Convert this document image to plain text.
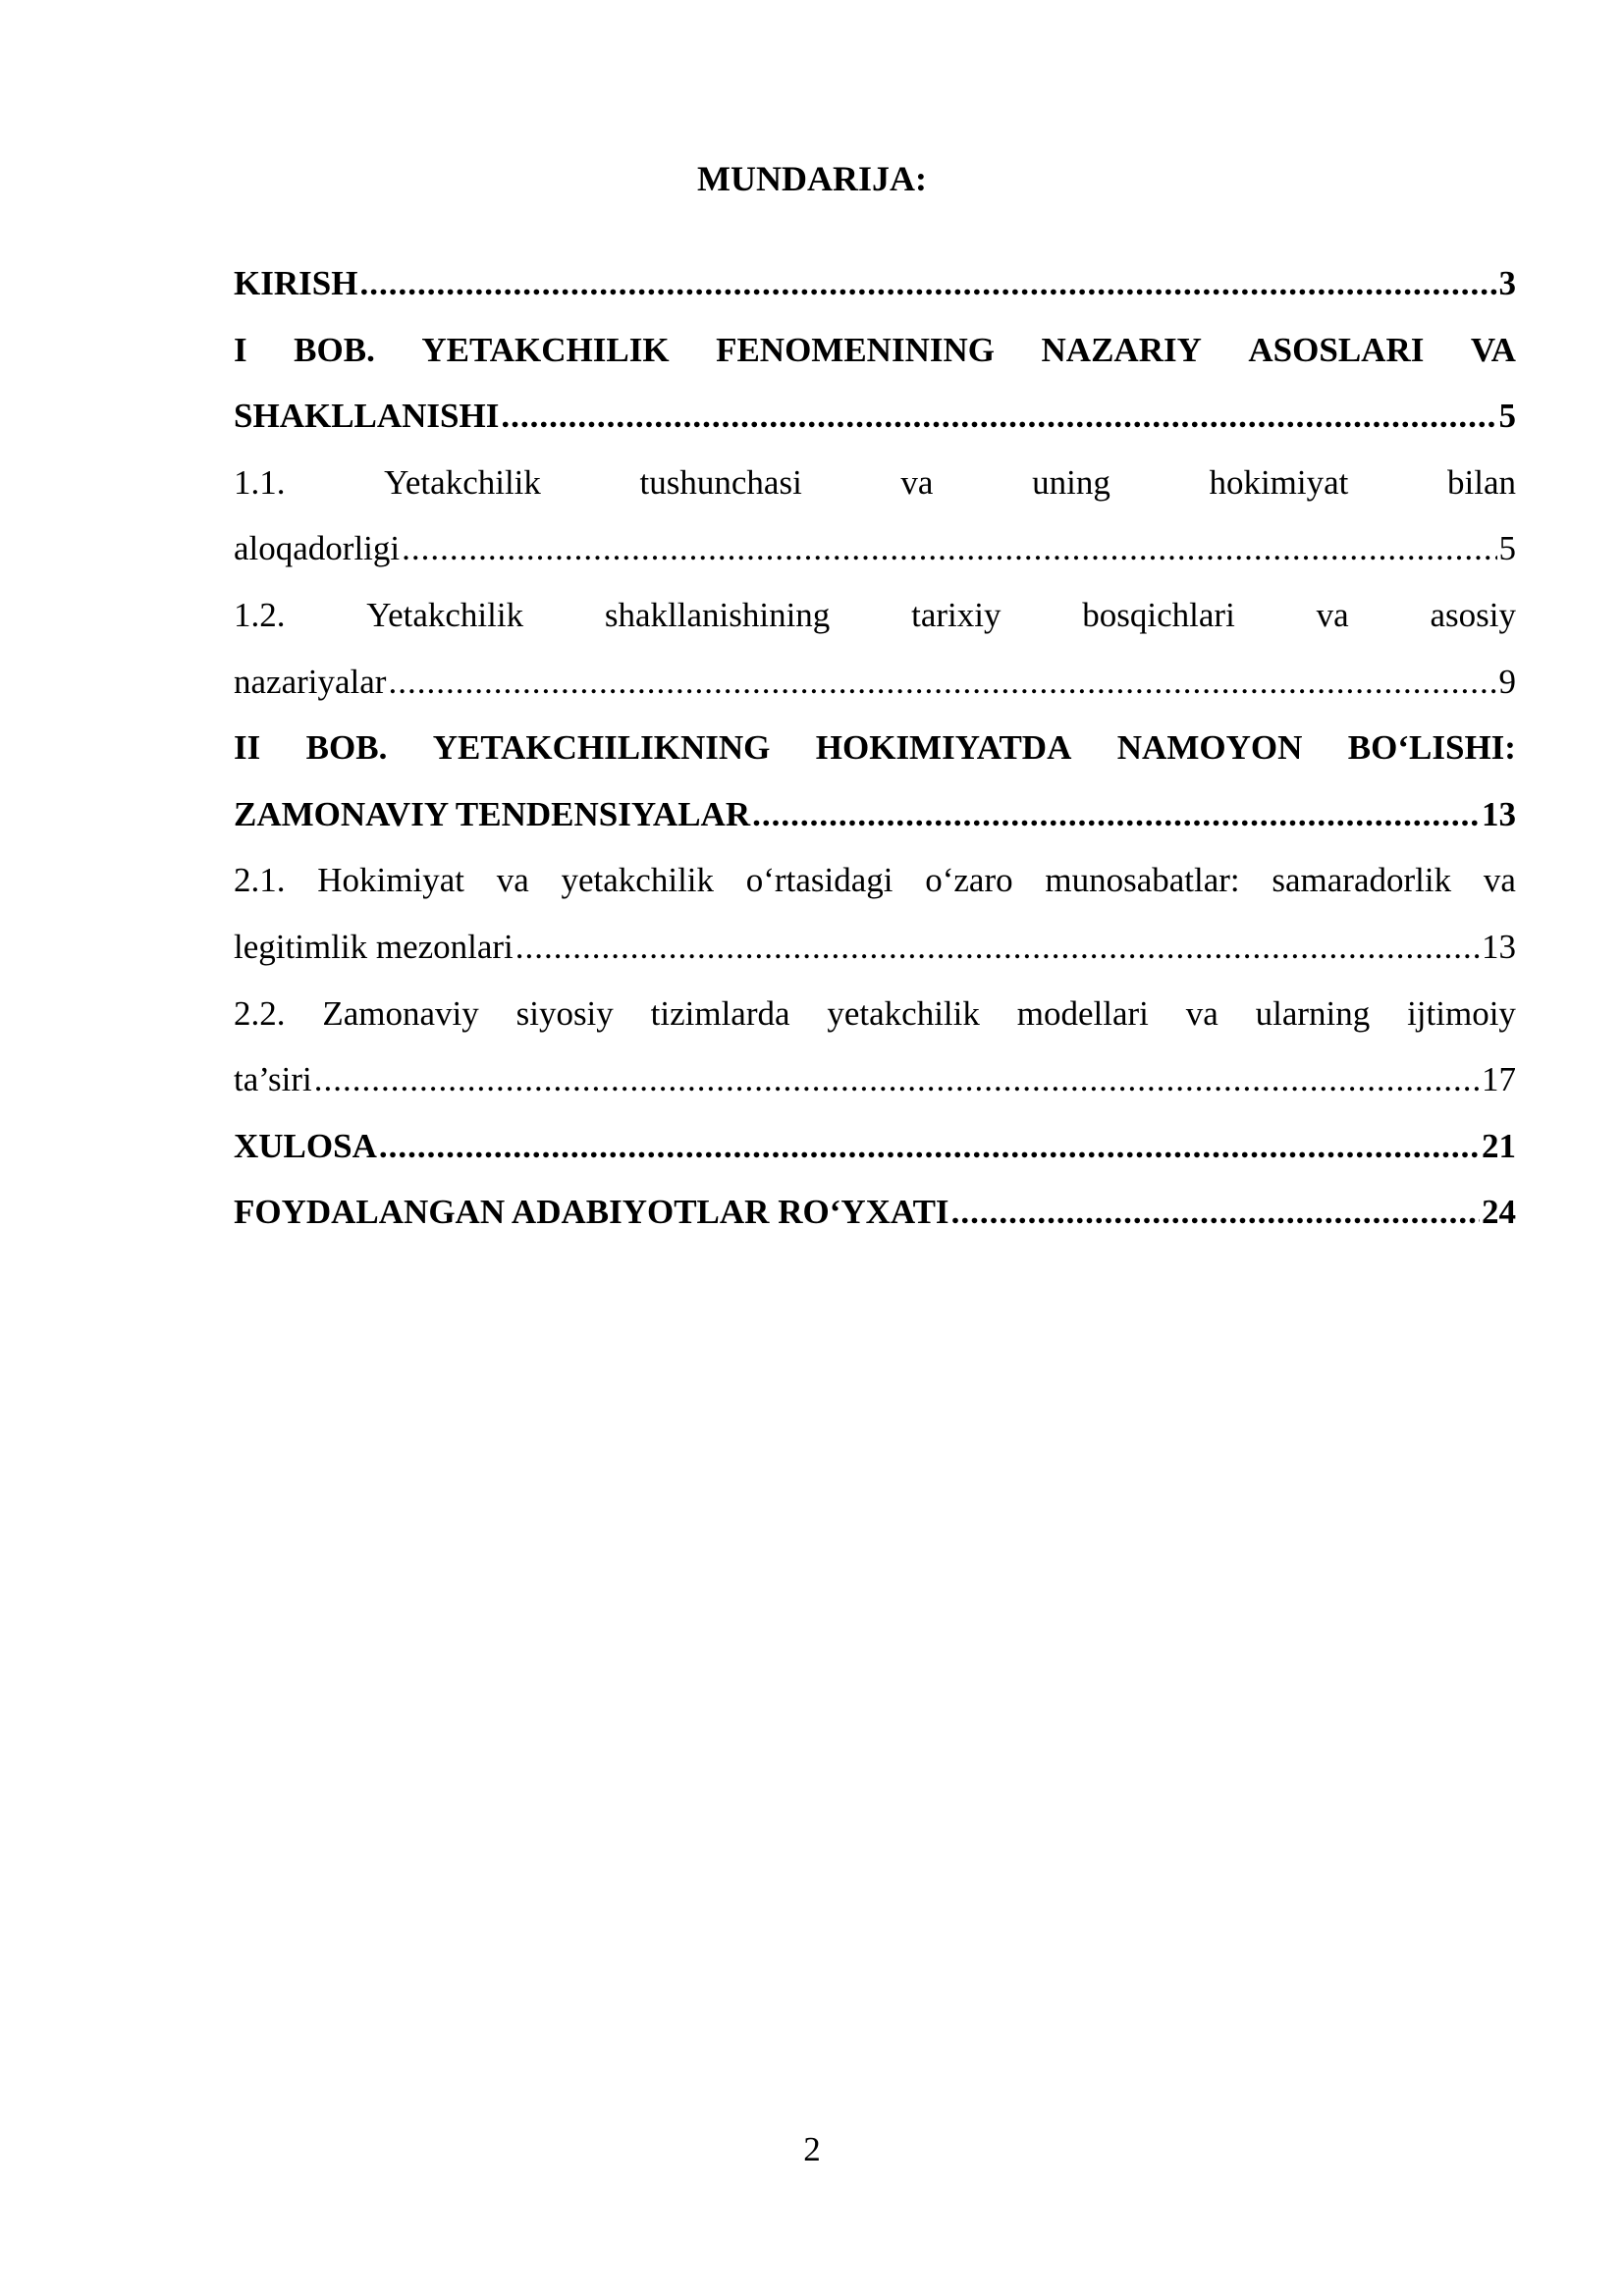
MUNDARIJA:
KIRISH .....	3
I BOB. YETAKCHILIK FENOMENINING NAZARIY ASOSLARI VA
SHAKLLANISHI .....	5
1.1.	Yetakchilik	tushunchasi	va	uning	hokimiyat	bilan
aloqadorligi .....	5
1.2. Yetakchilik shakllanishining tarixiy bosqichlari va asosiy
nazariyalar .....	9
II BOB. YETAKCHILIKNING HOKIMIYATDA NAMOYON BO‘LISHI:
ZAMONAVIY TENDENSIYALAR .....	13
2.1. Hokimiyat va yetakchilik o‘rtasidagi o‘zaro munosabatlar: samaradorlik va
legitimlik mezonlari .....	13
2.2. Zamonaviy siyosiy tizimlarda yetakchilik modellari va ularning ijtimoiy
ta’siri .....	17
XULOSA .....	21
FOYDALANGAN ADABIYOTLAR RO‘YXATI .....	24
2
